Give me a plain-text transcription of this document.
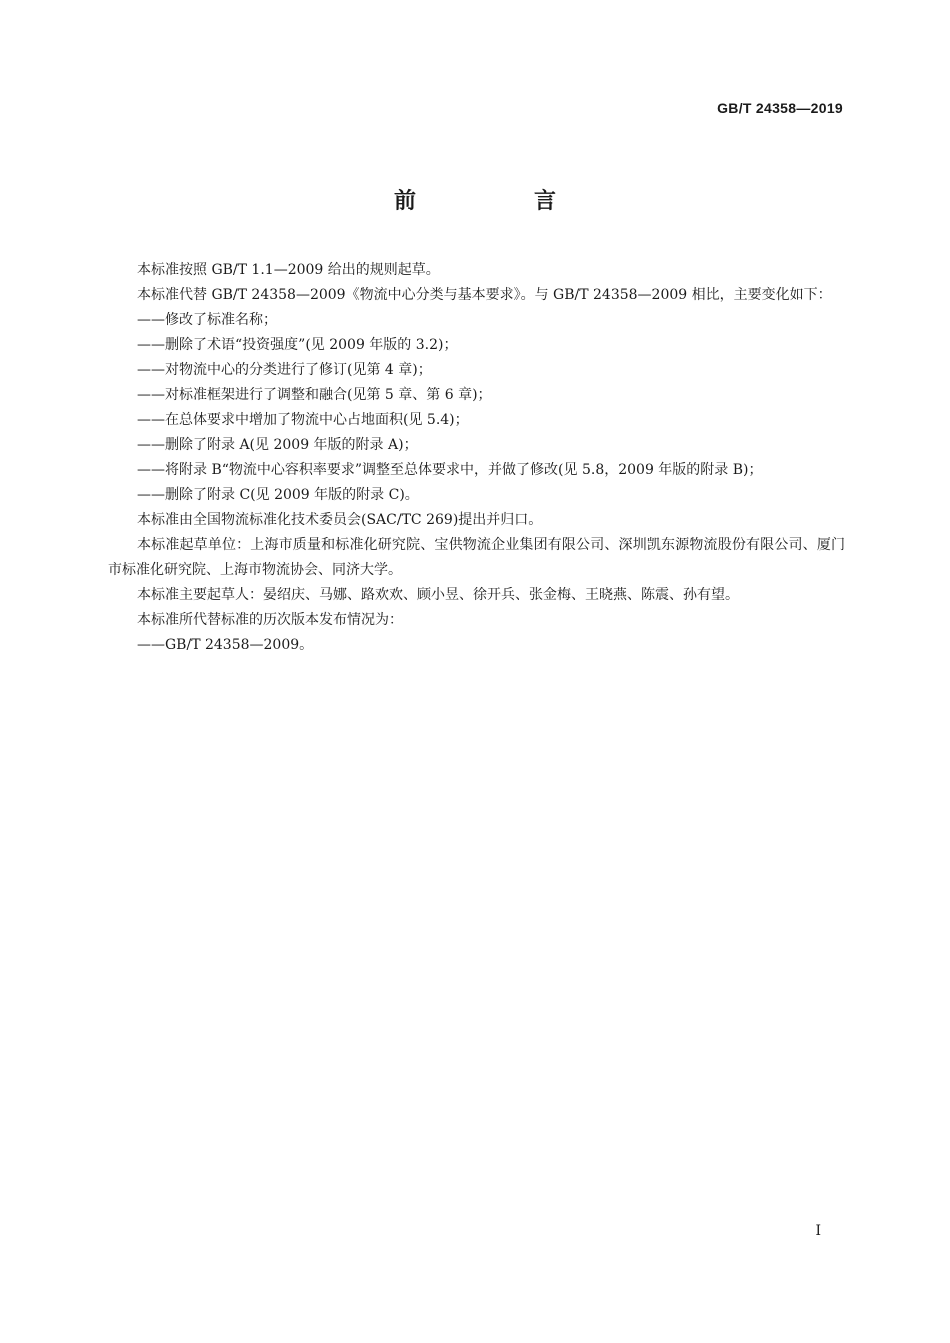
GB/T 24358—2019
前　言

本标准按照 GB/T 1.1—2009 给出的规则起草。

本标准代替 GB/T 24358—2009《物流中心分类与基本要求》。与 GB/T 24358—2009 相比，主要变化如下：

——修改了标准名称；

——删除了术语“投资强度”(见 2009 年版的 3.2)；

——对物流中心的分类进行了修订(见第 4 章)；

——对标准框架进行了调整和融合(见第 5 章、第 6 章)；

——在总体要求中增加了物流中心占地面积(见 5.4)；

——删除了附录 A(见 2009 年版的附录 A)；

——将附录 B“物流中心容积率要求”调整至总体要求中，并做了修改(见 5.8，2009 年版的附录 B)；

——删除了附录 C(见 2009 年版的附录 C)。

本标准由全国物流标准化技术委员会(SAC/TC 269)提出并归口。

本标准起草单位：上海市质量和标准化研究院、宝供物流企业集团有限公司、深圳凯东源物流股份有限公司、厦门市标准化研究院、上海市物流协会、同济大学。

本标准主要起草人：晏绍庆、马娜、路欢欢、顾小昱、徐开兵、张金梅、王晓燕、陈震、孙有望。

本标准所代替标准的历次版本发布情况为：

——GB/T 24358—2009。

I
